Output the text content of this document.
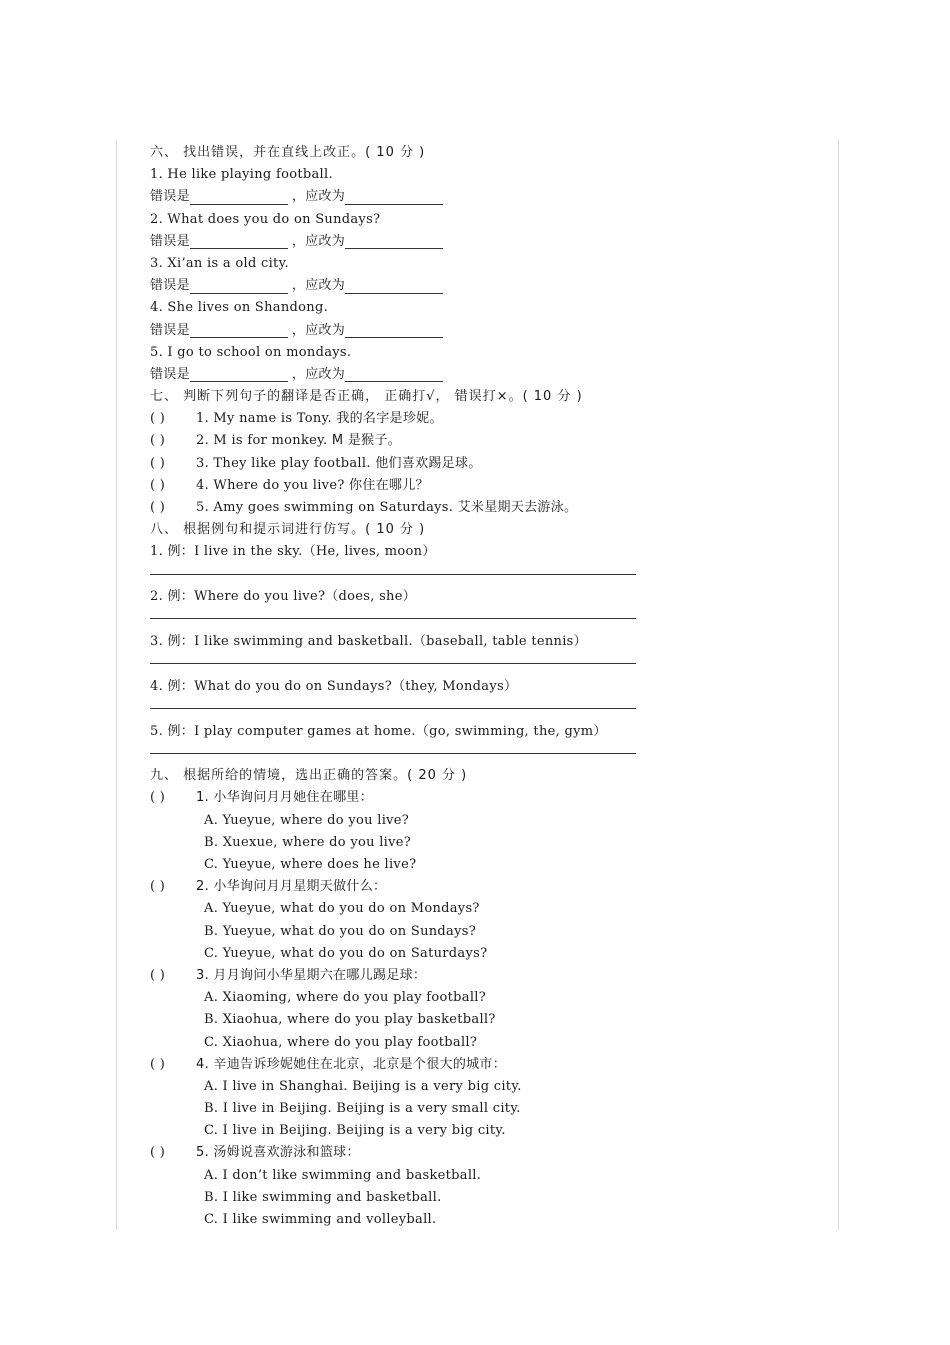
六、 找出错误，并在直线上改正。( 10 分 )
1. He like playing football.
错误是	，应改为
2. What does you do on Sundays?
错误是	，应改为
3. Xi’an is a old city.
错误是	，应改为
4. She lives on Shandong.
错误是	，应改为
5. I go to school on mondays.
错误是	，应改为
七、 判断下列句子的翻译是否正确， 正确打√， 错误打×。( 10 分 )
( ) 1. My name is Tony. 我的名字是珍妮。
( ) 2. M is for monkey. M 是猴子。
( ) 3. They like play football. 他们喜欢踢足球。
( ) 4. Where do you live? 你住在哪儿？
( ) 5. Amy goes swimming on Saturdays. 艾米星期天去游泳。
八、 根据例句和提示词进行仿写。( 10 分 )
1. 例：I live in the sky.（He, lives, moon）
2. 例：Where do you live?（does, she）
3. 例：I like swimming and basketball.（baseball, table tennis）
4. 例：What do you do on Sundays?（they, Mondays）
5. 例：I play computer games at home.（go, swimming, the, gym）
九、 根据所给的情境，选出正确的答案。( 20 分 )
( ) 1. 小华询问月月她住在哪里：
A. Yueyue, where do you live?
B. Xuexue, where do you live?
C. Yueyue, where does he live?
( ) 2. 小华询问月月星期天做什么：
A. Yueyue, what do you do on Mondays?
B. Yueyue, what do you do on Sundays?
C. Yueyue, what do you do on Saturdays?
( ) 3. 月月询问小华星期六在哪儿踢足球：
A. Xiaoming, where do you play football?
B. Xiaohua, where do you play basketball?
C. Xiaohua, where do you play football?
( ) 4. 辛迪告诉珍妮她住在北京，北京是个很大的城市：
A. I live in Shanghai. Beijing is a very big city.
B. I live in Beijing. Beijing is a very small city.
C. I live in Beijing. Beijing is a very big city.
( ) 5. 汤姆说喜欢游泳和篮球：
A. I don’t like swimming and basketball.
B. I like swimming and basketball.
C. I like swimming and volleyball.
